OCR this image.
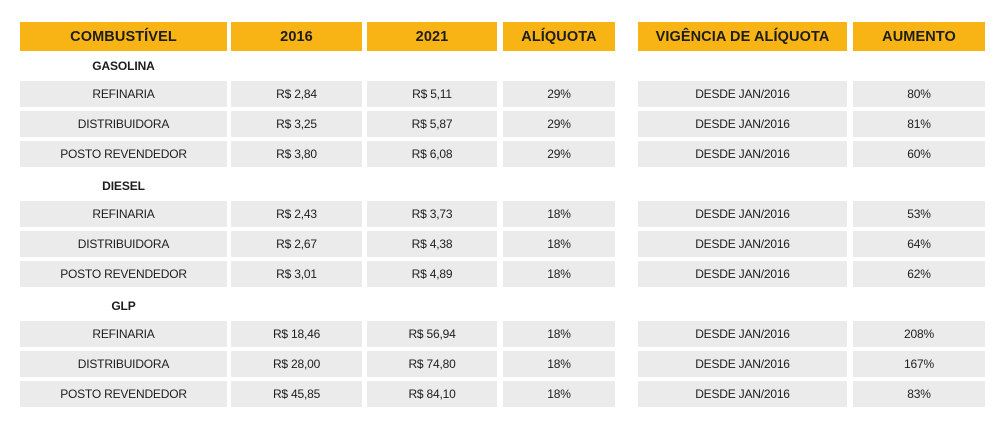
COMBUSTÍVEL	2016	2021	ALÍQUOTA	VIGÊNCIA DE ALÍQUOTA	AUMENTO
GASOLINA
REFINARIA	R$ 2,84	R$ 5,11	29%	DESDE JAN/2016	80%
DISTRIBUIDORA	R$ 3,25	R$ 5,87	29%	DESDE JAN/2016	81%
POSTO REVENDEDOR	R$ 3,80	R$ 6,08	29%	DESDE JAN/2016	60%
DIESEL
REFINARIA	R$ 2,43	R$ 3,73	18%	DESDE JAN/2016	53%
DISTRIBUIDORA	R$ 2,67	R$ 4,38	18%	DESDE JAN/2016	64%
POSTO REVENDEDOR	R$ 3,01	R$ 4,89	18%	DESDE JAN/2016	62%
GLP
REFINARIA	R$ 18,46	R$ 56,94	18%	DESDE JAN/2016	208%
DISTRIBUIDORA	R$ 28,00	R$ 74,80	18%	DESDE JAN/2016	167%
POSTO REVENDEDOR	R$ 45,85	R$ 84,10	18%	DESDE JAN/2016	83%
